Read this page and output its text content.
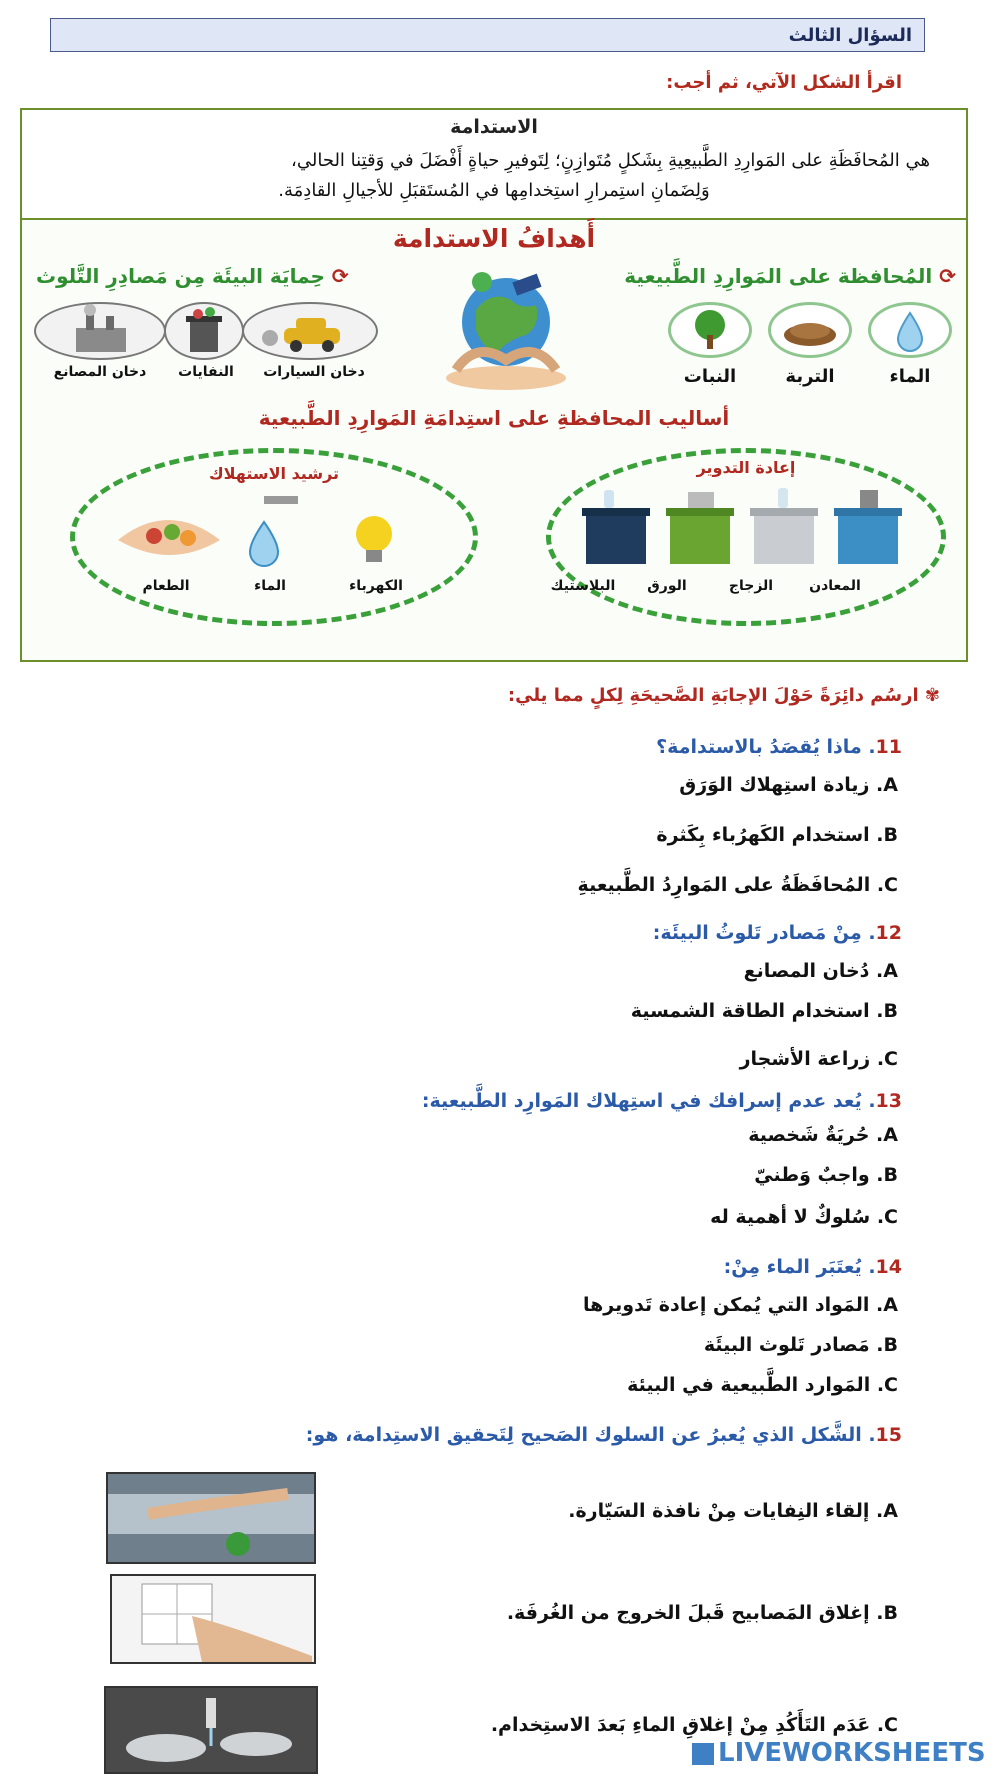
السؤال الثالث
اقرأ الشكل الآتي، ثم أجب:
الاستدامة
هي المُحافَظَةِ على المَوارِدِ الطَّبيعِيةِ بِشَكلٍ مُتَوازِنٍ؛ لِتَوفيرِ حياةٍ أَفْضَلَ في وَقتِنا الحالي،
وَلِضَمانِ استِمرارِ استِخدامِها في المُستَقبَلِ للأجيالِ القادِمَة.
أَهدافُ الاستدامة
⟳ المُحافظة على المَوارِدِ الطَّبيعية
⟳ حِمايَة البيئَة مِن مَصادِرِ التَّلوث
الماء
التربة
النبات
دخان السيارات
النفايات
دخان المصانع
أساليب المحافظةِ على استِدامَةِ المَوارِدِ الطَّبيعية
إعادة التدوير
البلاستيك	الورق	الزجاج	المعادن
ترشيد الاستهلاك
الكهرباء
الماء
الطعام
✾ ارسُم دائِرَةً حَوْلَ الإجابَةِ الصَّحيحَةِ لِكلٍ مما يلي:
11. ماذا يُقصَدُ بالاستدامة؟
A. زيادة استِهلاك الوَرَق
B. استخدام الكَهرُباء بِكَثرة
C. المُحافَظَةُ على المَوارِدُ الطَّبيعيةِ
12. مِنْ مَصادر تَلوثُ البيئَة:
A. دُخان المصانع
B. استخدام الطاقة الشمسية
C. زراعة الأشجار
13. يُعد عدم إسرافك في استِهلاك المَوارِد الطَّبيعية:
A. حُريَةٌ شَخصية
B. واجبٌ وَطنيّ
C. سُلوكٌ لا أهمية له
14. يُعتَبَر الماء مِنْ:
A. المَواد التي يُمكن إعادة تَدويرها
B. مَصادر تَلوث البيئَة
C. المَوارد الطَّبيعية في البيئة
15. الشَّكل الذي يُعبرُ عن السلوك الصَحيح لِتَحقيق الاستِدامة، هو:
A. إلقاء النِفايات مِنْ نافذة السَيّارة.
B. إغلاق المَصابيح قَبلَ الخروج من الغُرفَة.
C. عَدَم التَأَكُدِ مِنْ إغلاقِ الماءِ بَعدَ الاستِخدام.
LIVEWORKSHEETS
